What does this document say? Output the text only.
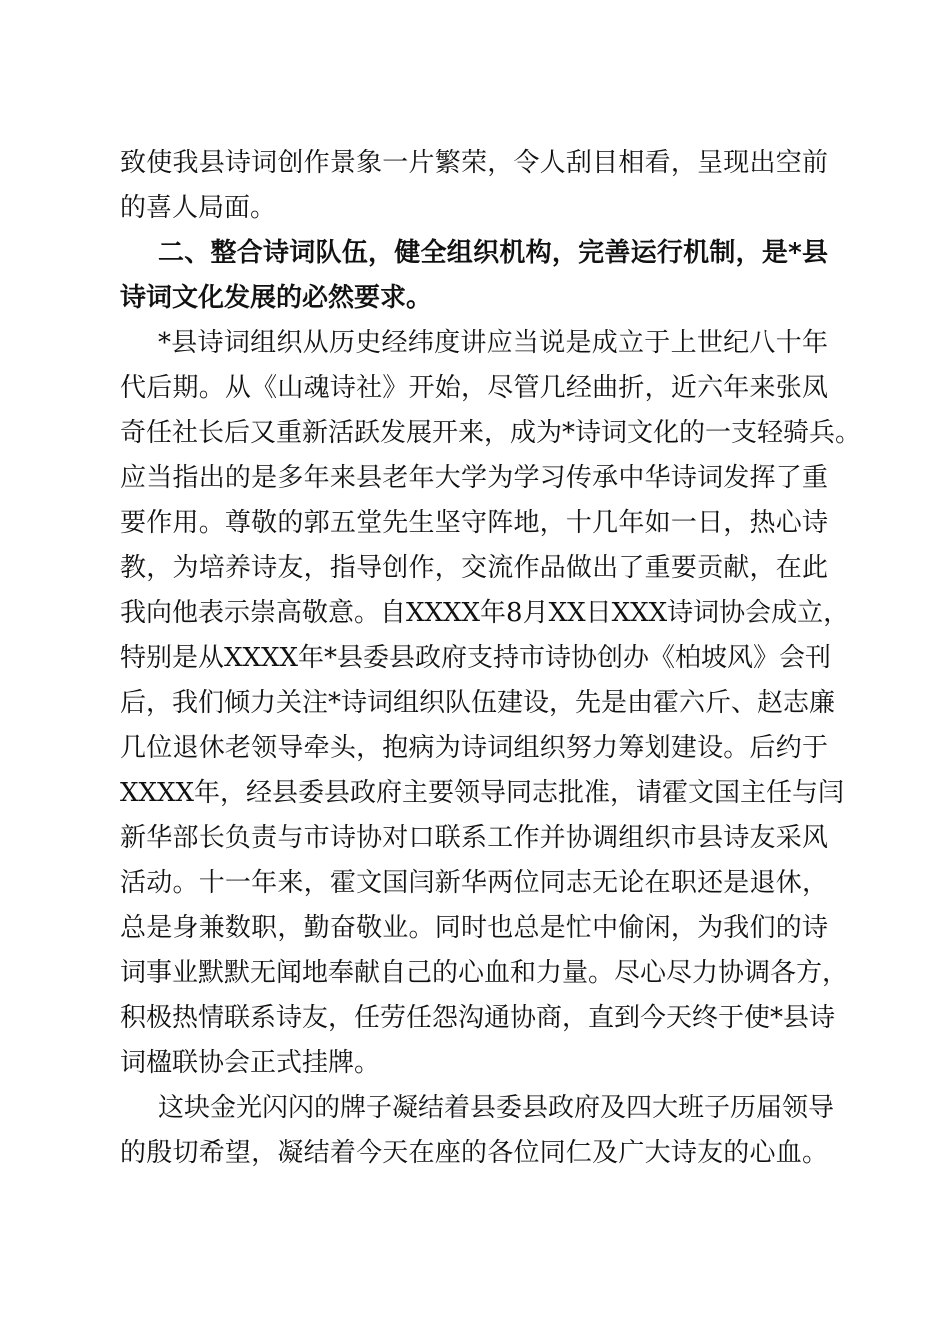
致使我县诗词创作景象一片繁荣，令人刮目相看，呈现出空前
的喜人局面。
二、整合诗词队伍，健全组织机构，完善运行机制，是*县
诗词文化发展的必然要求。
*县诗词组织从历史经纬度讲应当说是成立于上世纪八十年
代后期。从《山魂诗社》开始，尽管几经曲折，近六年来张凤
奇任社长后又重新活跃发展开来，成为*诗词文化的一支轻骑兵。
应当指出的是多年来县老年大学为学习传承中华诗词发挥了重
要作用。尊敬的郭五堂先生坚守阵地，十几年如一日，热心诗
教，为培养诗友，指导创作，交流作品做出了重要贡献，在此
我向他表示崇高敬意。自XXXX年8月XX日XXX诗词协会成立，
特别是从XXXX年*县委县政府支持市诗协创办《柏坡风》会刊
后，我们倾力关注*诗词组织队伍建设，先是由霍六斤、赵志廉
几位退休老领导牵头，抱病为诗词组织努力筹划建设。后约于
XXXX年，经县委县政府主要领导同志批准，请霍文国主任与闫
新华部长负责与市诗协对口联系工作并协调组织市县诗友采风
活动。十一年来，霍文国闫新华两位同志无论在职还是退休，
总是身兼数职，勤奋敬业。同时也总是忙中偷闲，为我们的诗
词事业默默无闻地奉献自己的心血和力量。尽心尽力协调各方，
积极热情联系诗友，任劳任怨沟通协商，直到今天终于使*县诗
词楹联协会正式挂牌。
这块金光闪闪的牌子凝结着县委县政府及四大班子历届领导
的殷切希望，凝结着今天在座的各位同仁及广大诗友的心血。
